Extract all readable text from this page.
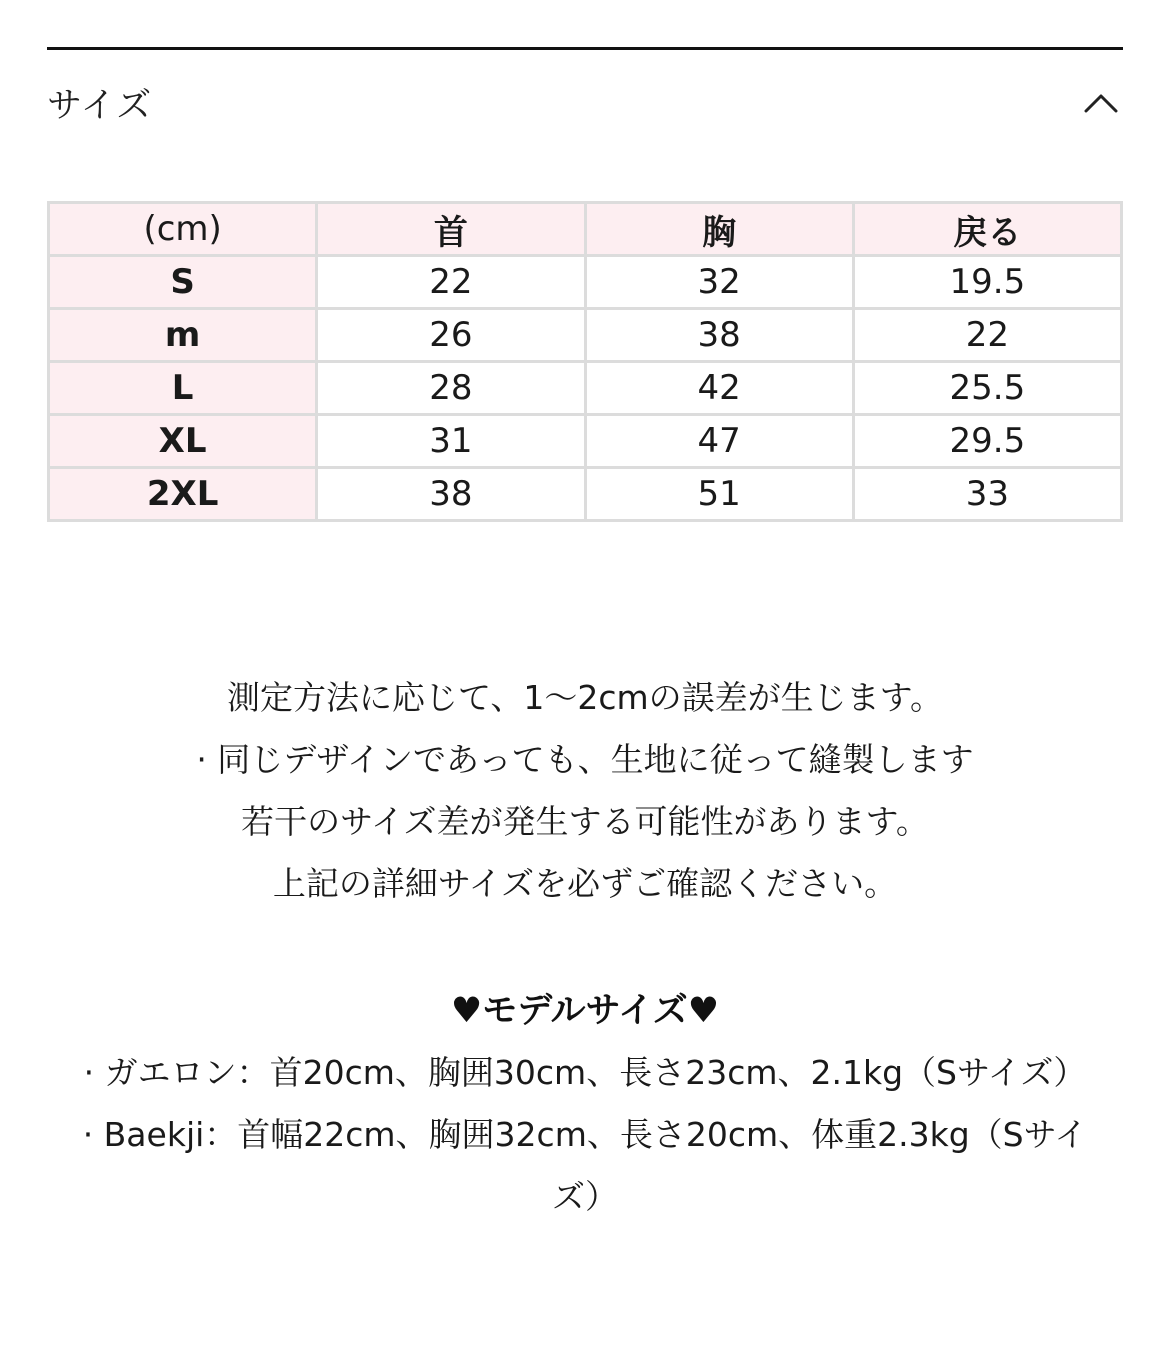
サイズ
(cm)	首	胸	戻る
S	22	32	19.5
m	26	38	22
L	28	42	25.5
XL	31	47	29.5
2XL	38	51	33

測定方法に応じて、1〜2cmの誤差が生じます。

· 同じデザインであっても、生地に従って縫製します

若干のサイズ差が発生する可能性があります。

上記の詳細サイズを必ずご確認ください。

♥モデルサイズ♥

· ガエロン：首20cm、胸囲30cm、長さ23cm、2.1kg（Sサイズ）

· Baekji：首幅22cm、胸囲32cm、長さ20cm、体重2.3kg（Sサイズ）
